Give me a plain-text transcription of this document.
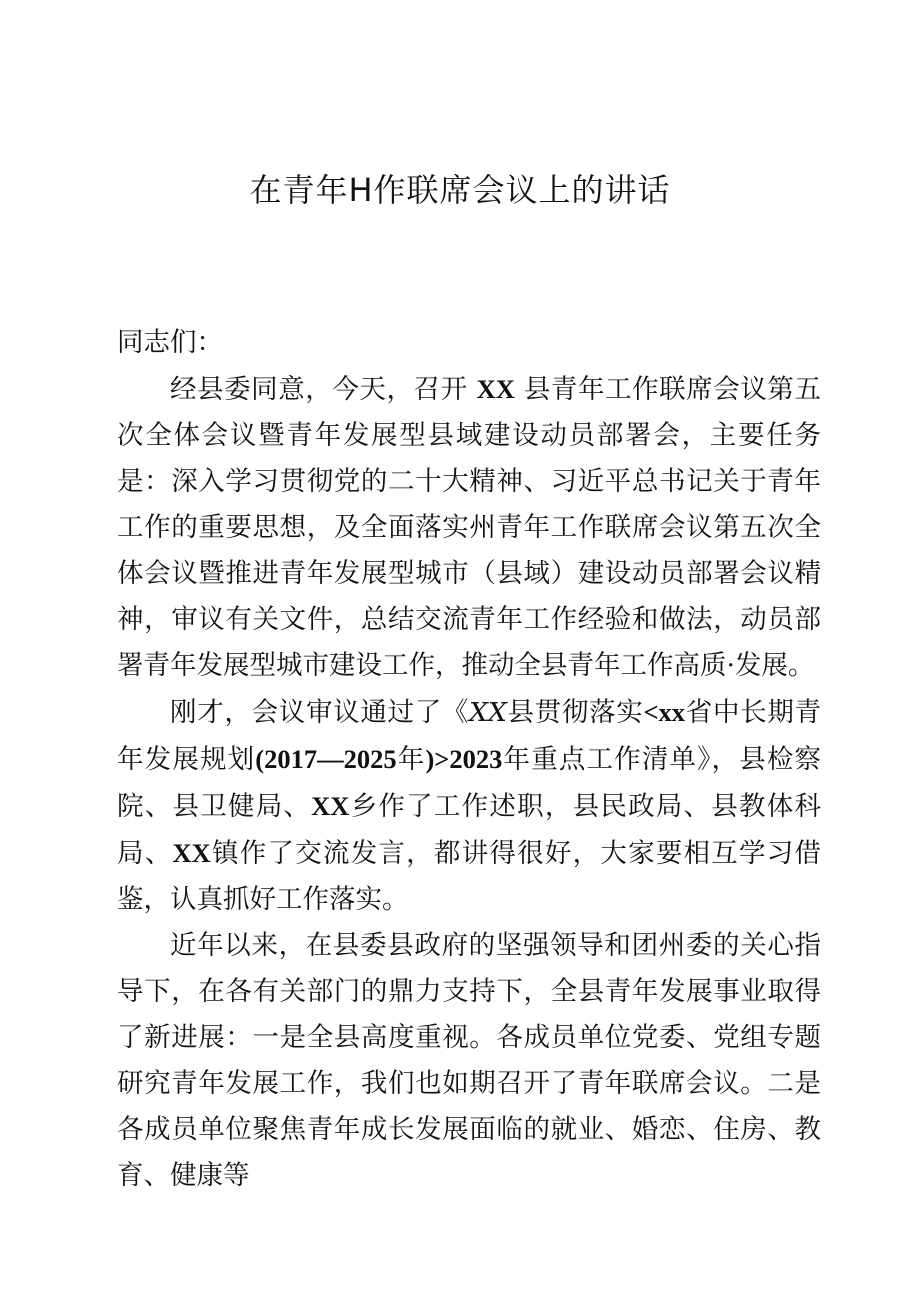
在青年H作联席会议上的讲话

同志们：

经县委同意，今天，召开 XX 县青年工作联席会议第五次全体会议暨青年发展型县域建设动员部署会，主要任务是：深入学习贯彻党的二十大精神、习近平总书记关于青年工作的重要思想，及全面落实州青年工作联席会议第五次全体会议暨推进青年发展型城市（县域）建设动员部署会议精神，审议有关文件，总结交流青年工作经验和做法，动员部署青年发展型城市建设工作，推动全县青年工作高质·发展。

刚才，会议审议通过了《XX县贯彻落实<xx省中长期青年发展规划(2017—2025年)>2023年重点工作清单》，县检察院、县卫健局、XX乡作了工作述职，县民政局、县教体科局、XX镇作了交流发言，都讲得很好，大家要相互学习借鉴，认真抓好工作落实。

近年以来，在县委县政府的坚强领导和团州委的关心指导下，在各有关部门的鼎力支持下，全县青年发展事业取得了新进展：一是全县高度重视。各成员单位党委、党组专题研究青年发展工作，我们也如期召开了青年联席会议。二是各成员单位聚焦青年成长发展面临的就业、婚恋、住房、教育、健康等
